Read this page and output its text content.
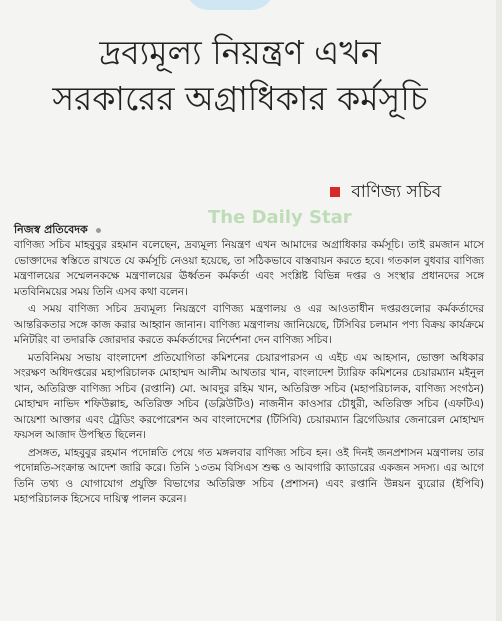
দ্রব্যমূল্য নিয়ন্ত্রণ এখন সরকারের অগ্রাধিকার কর্মসূচি
বাণিজ্য সচিব
The Daily Star
নিজস্ব প্রতিবেদক

বাণিজ্য সচিব মাহবুবুর রহমান বলেছেন, দ্রব্যমূল্য নিয়ন্ত্রণ এখন আমাদের অগ্রাধিকার কর্মসূচি। তাই রমজান মাসে ভোক্তাদের স্বস্তিতে রাখতে যে কর্মসূচি নেওয়া হয়েছে, তা সঠিকভাবে বাস্তবায়ন করতে হবে। গতকাল বুধবার বাণিজ্য মন্ত্রণালয়ের সম্মেলনকক্ষে মন্ত্রণালয়ের ঊর্ধ্বতন কর্মকর্তা এবং সংশ্লিষ্ট বিভিন্ন দপ্তর ও সংস্থার প্রধানদের সঙ্গে মতবিনিময়ের সময় তিনি এসব কথা বলেন।

এ সময় বাণিজ্য সচিব দ্রব্যমূল্য নিয়ন্ত্রণে বাণিজ্য মন্ত্রণালয় ও এর আওতাধীন দপ্তরগুলোর কর্মকর্তাদের আন্তরিকতার সঙ্গে কাজ করার আহ্বান জানান। বাণিজ্য মন্ত্রণালয় জানিয়েছে, টিসিবির চলমান পণ্য বিক্রয় কার্যক্রমে মনিটরিং বা তদারকি জোরদার করতে কর্মকর্তাদের নির্দেশনা দেন বাণিজ্য সচিব।

মতবিনিময় সভায় বাংলাদেশ প্রতিযোগিতা কমিশনের চেয়ারপারসন এ এইচ এম আহসান, ভোক্তা অধিকার সংরক্ষণ অধিদপ্তরের মহাপরিচালক মোহাম্মদ আলীম আখতার খান, বাংলাদেশ ট্যারিফ কমিশনের চেয়ারম্যান মইনুল খান, অতিরিক্ত বাণিজ্য সচিব (রপ্তানি) মো. আবদুর রহিম খান, অতিরিক্ত সচিব (মহাপরিচালক, বাণিজ্য সংগঠন) মোহাম্মদ নাভিদ শফিউল্লাহ, অতিরিক্ত সচিব (ডব্লিউটিও) নাজনীন কাওসার চৌধুরী, অতিরিক্ত সচিব (এফটিএ) আয়েশা আক্তার এবং ট্রেডিং করপোরেশন অব বাংলাদেশের (টিসিবি) চেয়ারম্যান ব্রিগেডিয়ার জেনারেল মোহাম্মদ ফয়সল আজাদ উপস্থিত ছিলেন।

প্রসঙ্গত, মাহবুবুর রহমান পদোন্নতি পেয়ে গত মঙ্গলবার বাণিজ্য সচিব হন। ওই দিনই জনপ্রশাসন মন্ত্রণালয় তার পদোন্নতি-সংক্রান্ত আদেশ জারি করে। তিনি ১৩তম বিসিএস শুল্ক ও আবগারি ক্যাডারের একজন সদস্য। এর আগে তিনি তথ্য ও যোগাযোগ প্রযুক্তি বিভাগের অতিরিক্ত সচিব (প্রশাসন) এবং রপ্তানি উন্নয়ন ব্যুরোর (ইপিবি) মহাপরিচালক হিসেবে দায়িত্ব পালন করেন।
